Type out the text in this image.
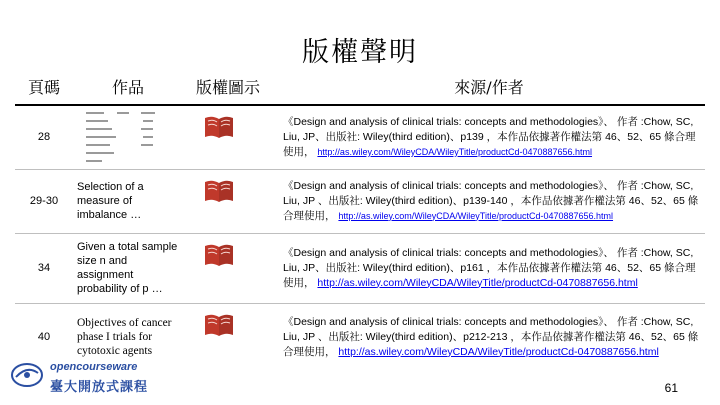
版權聲明
頁碼	作品	版權圖示	來源/作者
28			《Design and analysis of clinical trials: concepts and methodologies》、 作者 :Chow, SC, Liu, JP、出版社: Wiley(third edition)、p139 ，本作品依據著作權法第 46、52、65 條合理使用， http://as.wiley.com/WileyCDA/WileyTitle/productCd-0470887656.html
29-30	Selection of a measure of imbalance …		《Design and analysis of clinical trials: concepts and methodologies》、 作者 :Chow, SC, Liu, JP 、出版社: Wiley(third edition)、p139-140 ，本作品依據著作權法第 46、52、65 條合理使用， http://as.wiley.com/WileyCDA/WileyTitle/productCd-0470887656.html
34	Given a total sample size n and assignment probability of p …		《Design and analysis of clinical trials: concepts and methodologies》、 作者 :Chow, SC, Liu, JP、出版社: Wiley(third edition)、p161 ，本作品依據著作權法第 46、52、65 條合理使用， http://as.wiley.com/WileyCDA/WileyTitle/productCd-0470887656.html
40	Objectives of cancer phase I trials for cytotoxic agents		《Design and analysis of clinical trials: concepts and methodologies》、 作者 :Chow, SC, Liu, JP 、出版社: Wiley(third edition)、p212-213 ，本作品依據著作權法第 46、52、65 條合理使用， http://as.wiley.com/WileyCDA/WileyTitle/productCd-0470887656.html
opencourseware
臺大開放式課程	61
